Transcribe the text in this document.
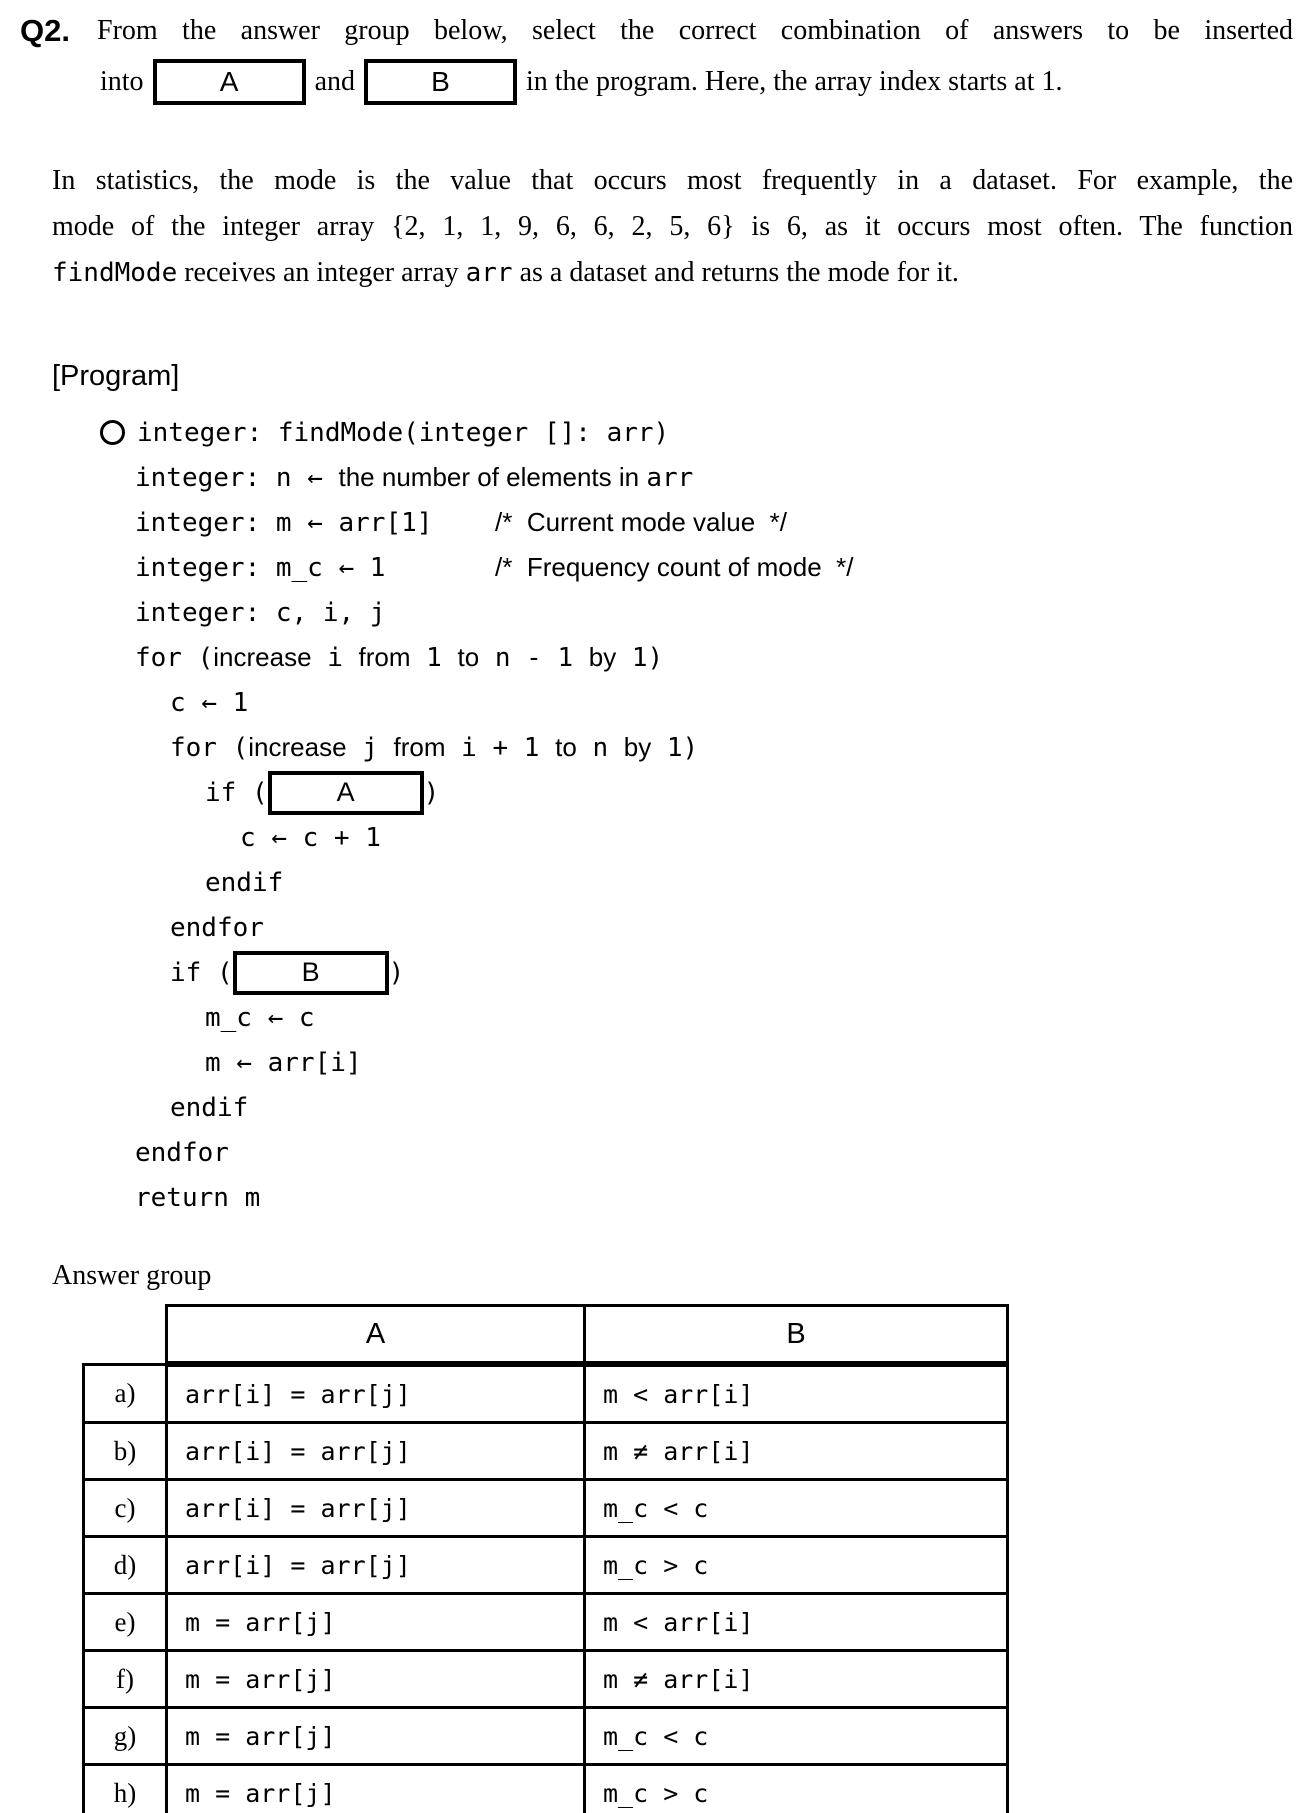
Q2. From the answer group below, select the correct combination of answers to be inserted
into	A	and	B	in the program. Here, the array index starts at 1.
In statistics, the mode is the value that occurs most frequently in a dataset. For example, the
mode of the integer array {2, 1, 1, 9, 6, 6, 2, 5, 6} is 6, as it occurs most often. The function
findMode receives an integer array arr as a dataset and returns the mode for it.
[Program]
integer: findMode(integer []: arr)
integer: n ← the number of elements in arr
integer: m ← arr[1] /*  Current mode value  */
integer: m_c ← 1 /*  Frequency count of mode  */
integer: c, i, j
for ( increase i from 1 to n - 1 by 1)
c ← 1
for ( increase j from i + 1 to n by 1)
if (	A	)
c ← c + 1
endif
endfor
if (	B	)
m_c ← c
m ← arr[i]
endif
endfor
return m
Answer group
	A	B
a)	arr[i] = arr[j]	m < arr[i]
b)	arr[i] = arr[j]	m ≠ arr[i]
c)	arr[i] = arr[j]	m_c < c
d)	arr[i] = arr[j]	m_c > c
e)	m = arr[j]	m < arr[i]
f)	m = arr[j]	m ≠ arr[i]
g)	m = arr[j]	m_c < c
h)	m = arr[j]	m_c > c
